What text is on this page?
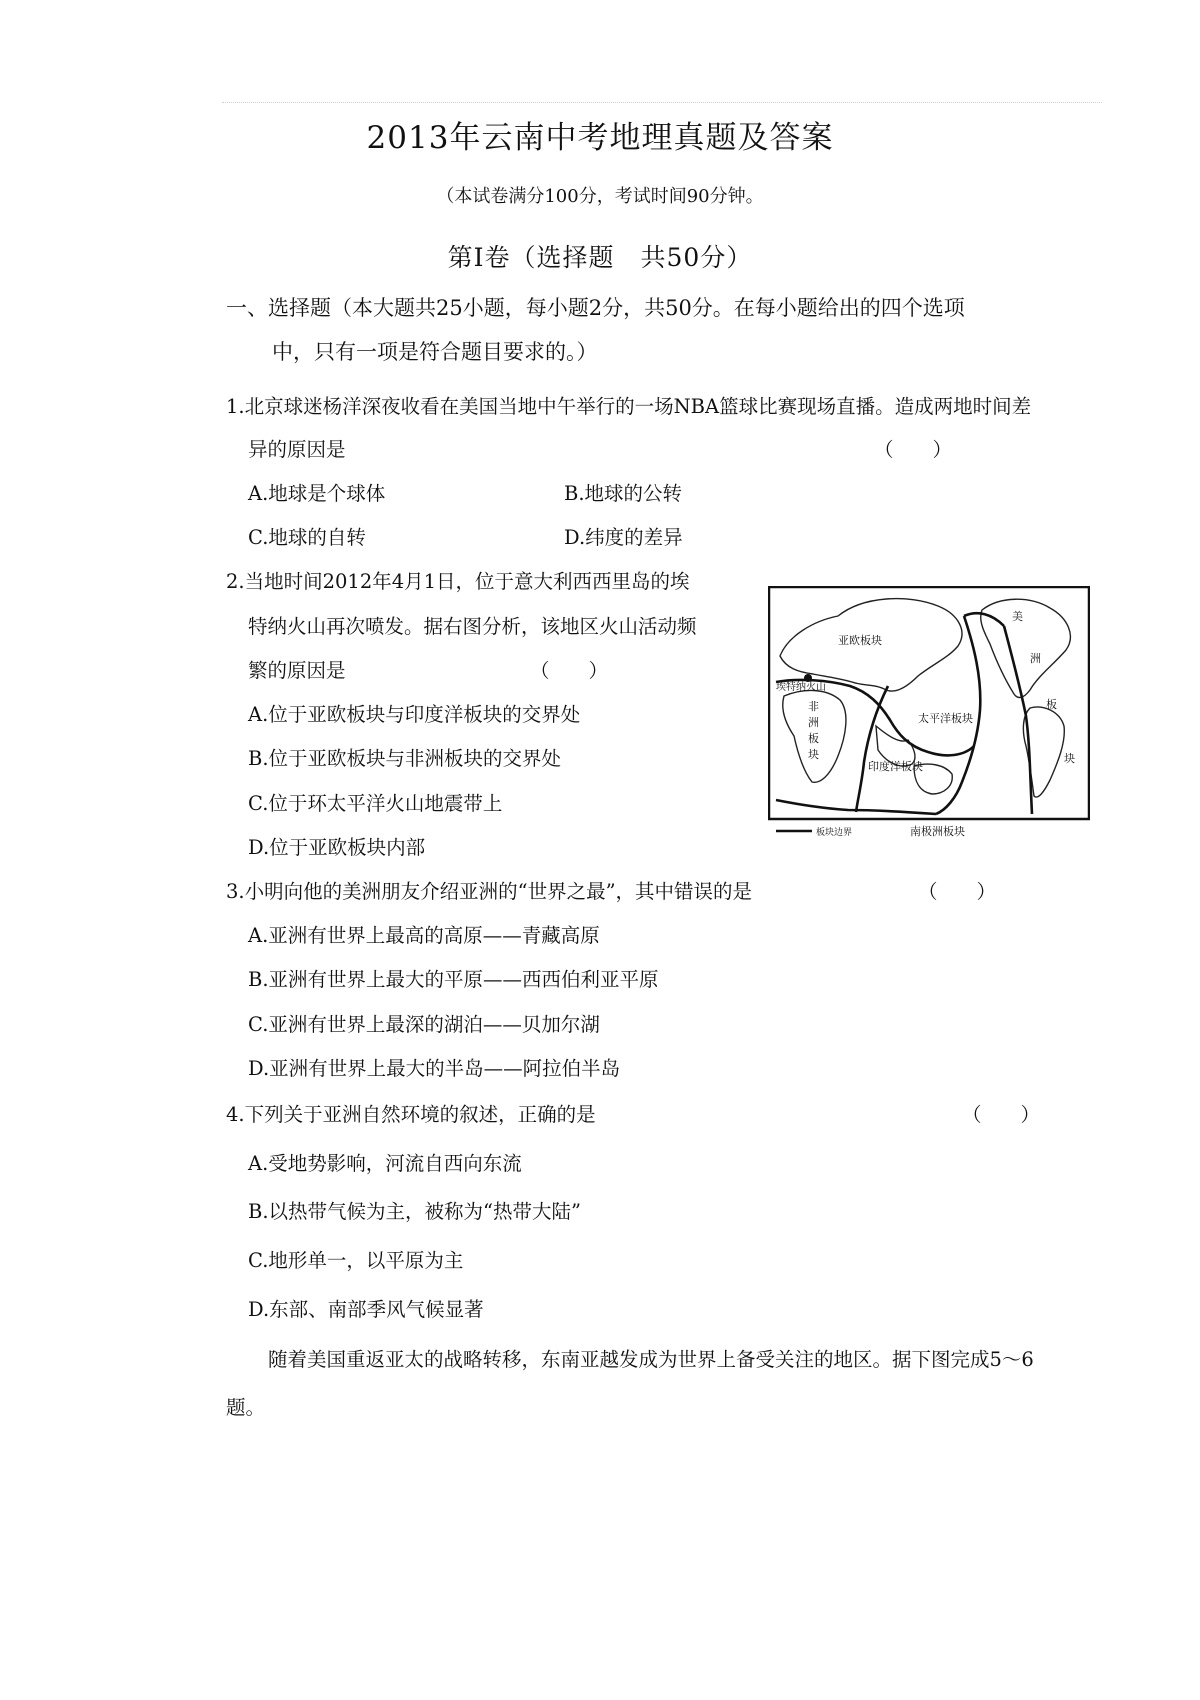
2013年云南中考地理真题及答案
（本试卷满分100分，考试时间90分钟。
第Ⅰ卷（选择题　共50分）
一、选择题（本大题共25小题，每小题2分，共50分。在每小题给出的四个选项
中，只有一项是符合题目要求的。）
1.北京球迷杨洋深夜收看在美国当地中午举行的一场NBA篮球比赛现场直播。造成两地时间差
异的原因是	（　　）
A.地球是个球体	B.地球的公转
C.地球的自转	D.纬度的差异
2.当地时间2012年4月1日，位于意大利西西里岛的埃
特纳火山再次喷发。据右图分析，该地区火山活动频
繁的原因是	（　　）
A.位于亚欧板块与印度洋板块的交界处
B.位于亚欧板块与非洲板块的交界处
C.位于环太平洋火山地震带上
D.位于亚欧板块内部
亚欧板块
埃特纳火山
非
洲
板
块
太平洋板块
印度洋板块
美
洲
板
块
板块边界	南极洲板块
3.小明向他的美洲朋友介绍亚洲的“世界之最”，其中错误的是	（　　）
A.亚洲有世界上最高的高原——青藏高原
B.亚洲有世界上最大的平原——西西伯利亚平原
C.亚洲有世界上最深的湖泊——贝加尔湖
D.亚洲有世界上最大的半岛——阿拉伯半岛
4.下列关于亚洲自然环境的叙述，正确的是	（　　）
A.受地势影响，河流自西向东流
B.以热带气候为主，被称为“热带大陆”
C.地形单一，以平原为主
D.东部、南部季风气候显著
随着美国重返亚太的战略转移，东南亚越发成为世界上备受关注的地区。据下图完成5～6
题。
